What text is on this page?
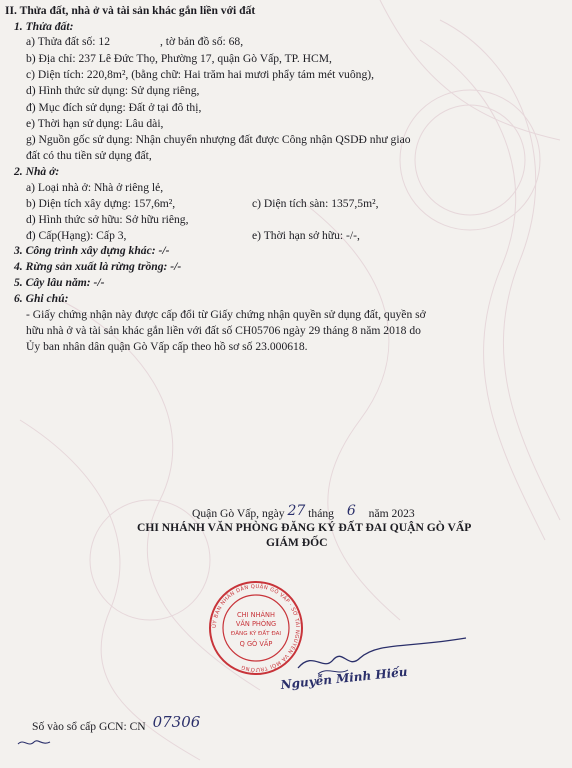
II. Thửa đất, nhà ở và tài sản khác gắn liền với đất
1. Thửa đất:
a) Thửa đất số: 12	, tờ bản đồ số: 68,
b) Địa chỉ: 237 Lê Đức Thọ, Phường 17, quận Gò Vấp, TP. HCM,
c) Diện tích: 220,8m², (bằng chữ: Hai trăm hai mươi phẩy tám mét vuông),
d) Hình thức sử dụng: Sử dụng riêng,
đ) Mục đích sử dụng: Đất ở tại đô thị,
e) Thời hạn sử dụng: Lâu dài,
g) Nguồn gốc sử dụng: Nhận chuyển nhượng đất được Công nhận QSDĐ như giao
đất có thu tiền sử dụng đất,
2. Nhà ở:
a) Loại nhà ở: Nhà ở riêng lẻ,
b) Diện tích xây dựng: 157,6m²,	c) Diện tích sàn: 1357,5m²,
d) Hình thức sở hữu: Sở hữu riêng,
đ) Cấp(Hạng): Cấp 3,	e) Thời hạn sở hữu: -/-,
3. Công trình xây dựng khác: -/-
4. Rừng sản xuất là rừng trồng: -/-
5. Cây lâu năm: -/-
6. Ghi chú:
- Giấy chứng nhận này được cấp đổi từ Giấy chứng nhận quyền sử dụng đất, quyền sở
hữu nhà ở và tài sản khác gắn liền với đất số CH05706 ngày 29 tháng 8 năm 2018 do
Ủy ban nhân dân quận Gò Vấp cấp theo hồ sơ số 23.000618.
Quận Gò Vấp, ngày 27 tháng 6 năm 2023
CHI NHÁNH VĂN PHÒNG ĐĂNG KÝ ĐẤT ĐAI QUẬN GÒ VẤP
GIÁM ĐỐC
ỦY BAN NHÂN DÂN QUẬN GÒ VẤP · SỞ TÀI NGUYÊN VÀ MÔI TRƯỜNG
CHI NHÁNH
VĂN PHÒNG
ĐĂNG KÝ ĐẤT ĐAI
Q GÒ VẤP
Nguyễn Minh Hiếu
Số vào sổ cấp GCN: CN 07306
